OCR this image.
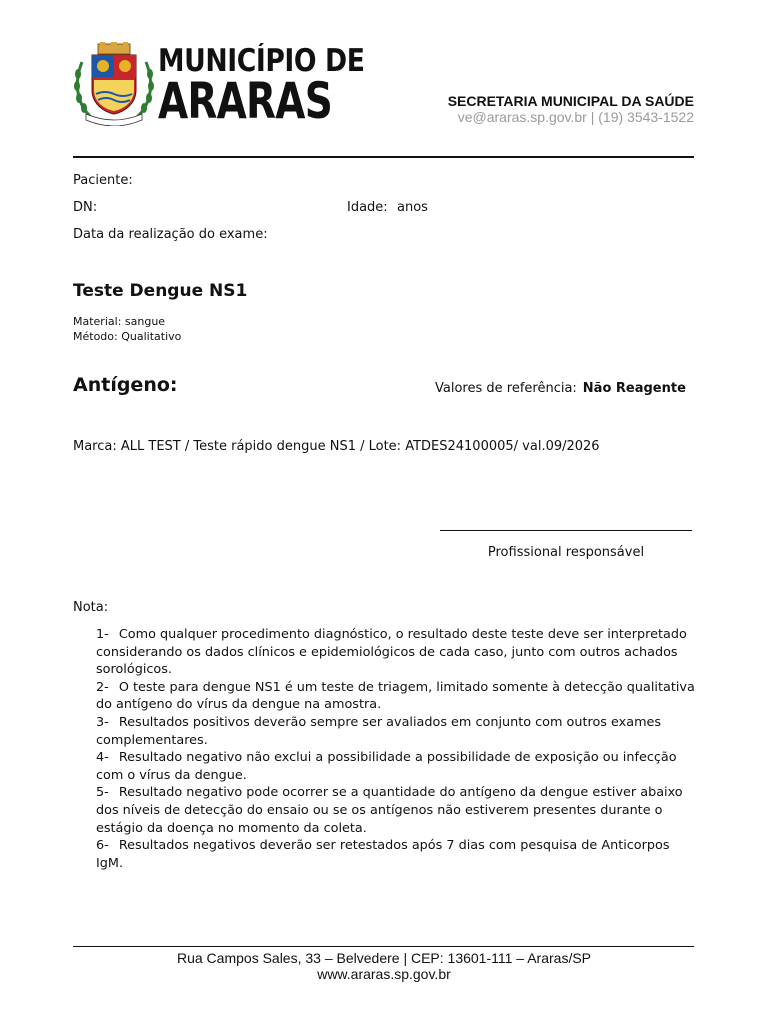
MUNICÍPIO DE
ARARAS	SECRETARIA MUNICIPAL DA SAÚDE
ve@araras.sp.gov.br | (19) 3543-1522
Paciente:
DN:	Idade: anos
Data da realização do exame:
Teste Dengue NS1
Material: sangue
Método: Qualitativo
Antígeno:	Valores de referência: Não Reagente
Marca: ALL TEST / Teste rápido dengue NS1 / Lote: ATDES24100005/ val.09/2026
Profissional responsável
Nota:
1- Como qualquer procedimento diagnóstico, o resultado deste teste deve ser interpretado considerando os dados clínicos e epidemiológicos de cada caso, junto com outros achados sorológicos.
2- O teste para dengue NS1 é um teste de triagem, limitado somente à detecção qualitativa do antígeno do vírus da dengue na amostra.
3- Resultados positivos deverão sempre ser avaliados em conjunto com outros exames complementares.
4- Resultado negativo não exclui a possibilidade a possibilidade de exposição ou infecção com o vírus da dengue.
5- Resultado negativo pode ocorrer se a quantidade do antígeno da dengue estiver abaixo dos níveis de detecção do ensaio ou se os antígenos não estiverem presentes durante o estágio da doença no momento da coleta.
6- Resultados negativos deverão ser retestados após 7 dias com pesquisa de Anticorpos IgM.
Rua Campos Sales, 33 – Belvedere | CEP: 13601-111 – Araras/SP
www.araras.sp.gov.br
